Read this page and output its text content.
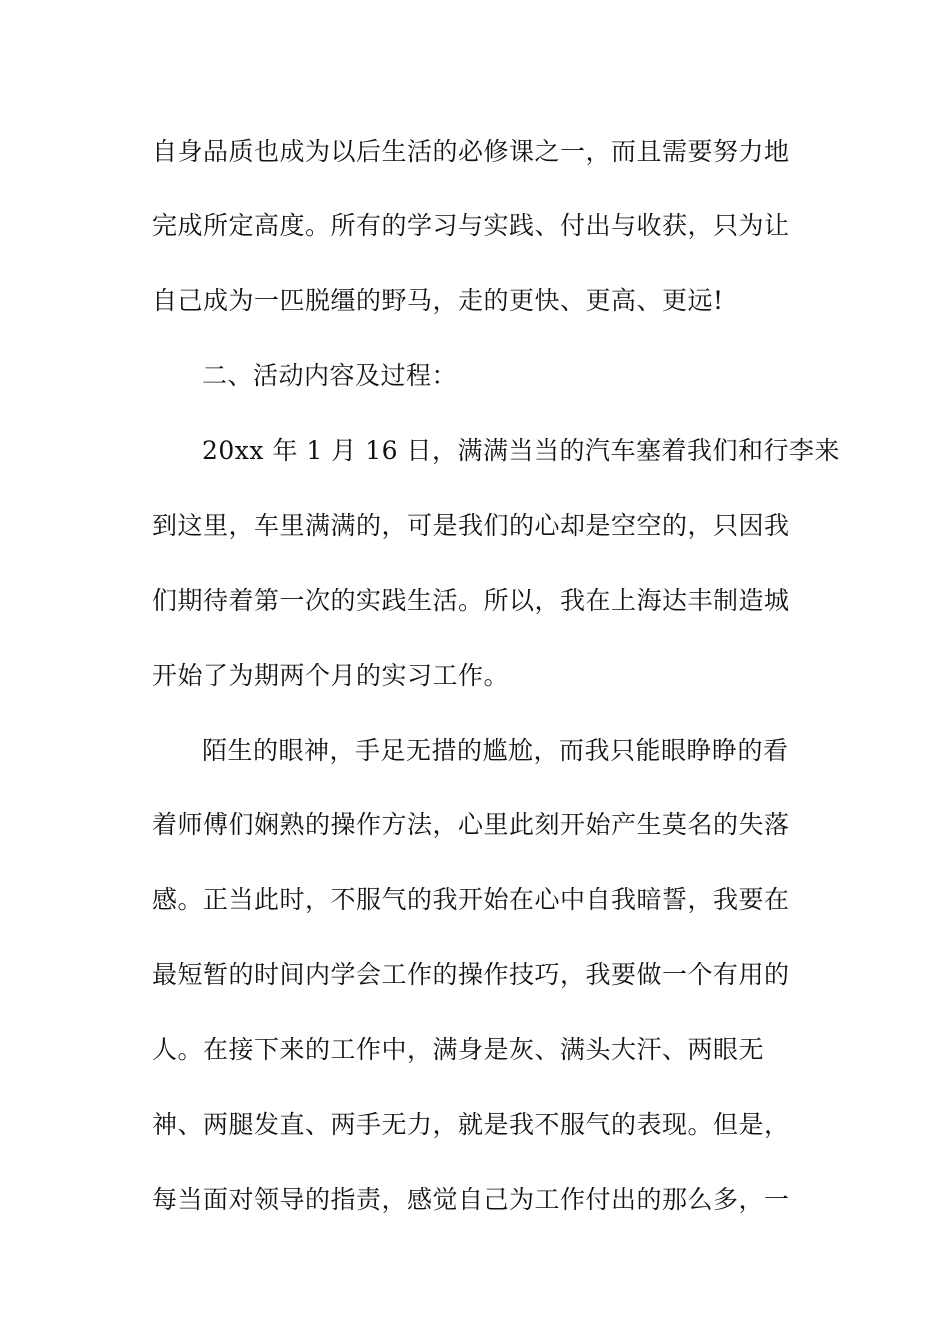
自身品质也成为以后生活的必修课之一，而且需要努力地
完成所定高度。所有的学习与实践、付出与收获，只为让
自己成为一匹脱缰的野马，走的更快、更高、更远!
二、活动内容及过程：
20xx 年 1 月 16 日，满满当当的汽车塞着我们和行李来
到这里，车里满满的，可是我们的心却是空空的，只因我
们期待着第一次的实践生活。所以，我在上海达丰制造城
开始了为期两个月的实习工作。
陌生的眼神，手足无措的尴尬，而我只能眼睁睁的看
着师傅们娴熟的操作方法，心里此刻开始产生莫名的失落
感。正当此时，不服气的我开始在心中自我暗誓，我要在
最短暂的时间内学会工作的操作技巧，我要做一个有用的
人。在接下来的工作中，满身是灰、满头大汗、两眼无
神、两腿发直、两手无力，就是我不服气的表现。但是，
每当面对领导的指责，感觉自己为工作付出的那么多，一
